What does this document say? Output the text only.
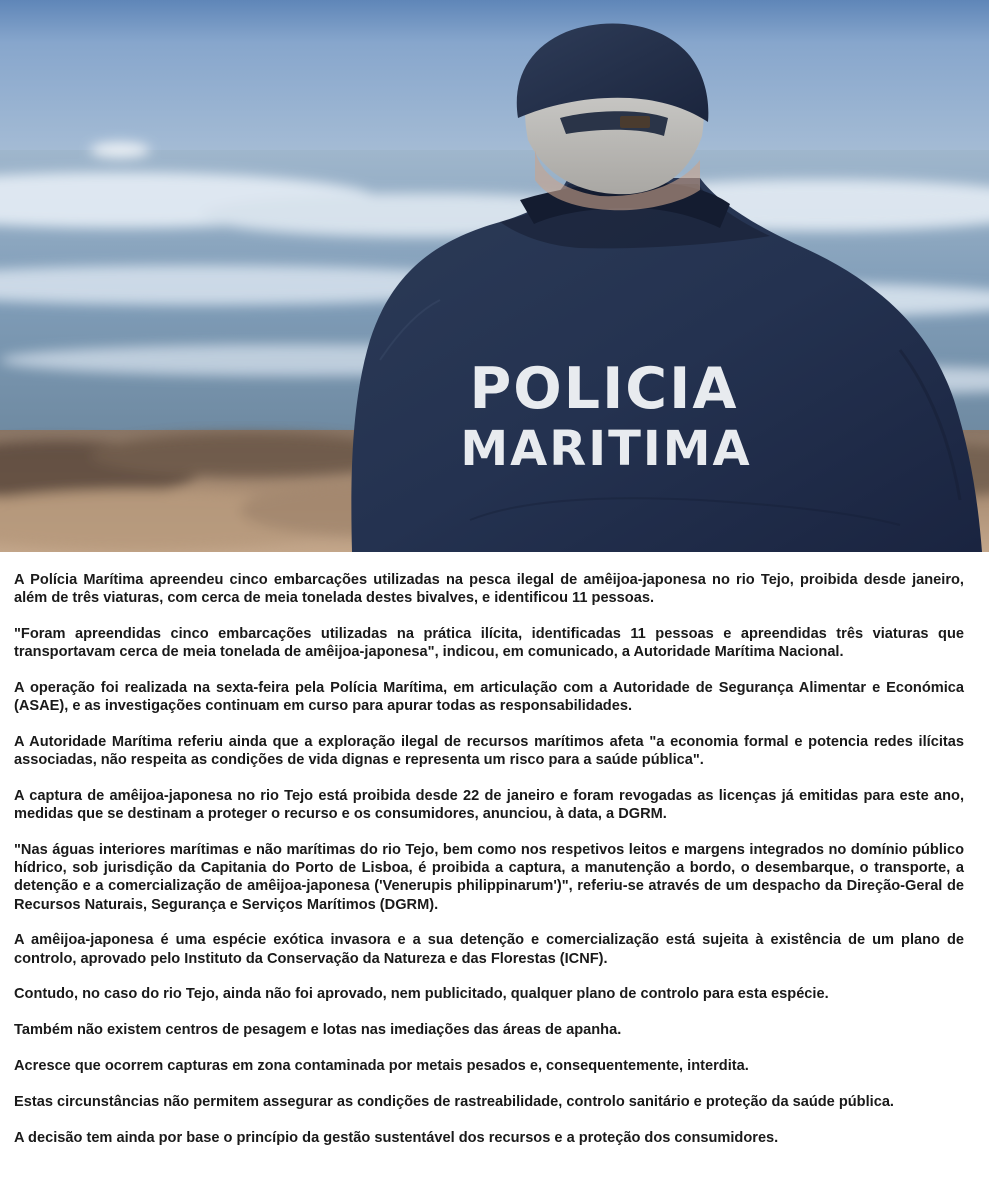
POLICIA
MARITIMA

A Polícia Marítima apreendeu cinco embarcações utilizadas na pesca ilegal de amêijoa-japonesa no rio Tejo, proibida desde janeiro, além de três viaturas, com cerca de meia tonelada destes bivalves, e identificou 11 pessoas.

"Foram apreendidas cinco embarcações utilizadas na prática ilícita, identificadas 11 pessoas e apreendidas três viaturas que transportavam cerca de meia tonelada de amêijoa-japonesa", indicou, em comunicado, a Autoridade Marítima Nacional.

A operação foi realizada na sexta-feira pela Polícia Marítima, em articulação com a Autoridade de Segurança Alimentar e Económica (ASAE), e as investigações continuam em curso para apurar todas as responsabilidades.

A Autoridade Marítima referiu ainda que a exploração ilegal de recursos marítimos afeta "a economia formal e potencia redes ilícitas associadas, não respeita as condições de vida dignas e representa um risco para a saúde pública".

A captura de amêijoa-japonesa no rio Tejo está proibida desde 22 de janeiro e foram revogadas as licenças já emitidas para este ano, medidas que se destinam a proteger o recurso e os consumidores, anunciou, à data, a DGRM.

"Nas águas interiores marítimas e não marítimas do rio Tejo, bem como nos respetivos leitos e margens integrados no domínio público hídrico, sob jurisdição da Capitania do Porto de Lisboa, é proibida a captura, a manutenção a bordo, o desembarque, o transporte, a detenção e a comercialização de amêijoa-japonesa ('Venerupis philippinarum')", referiu-se através de um despacho da Direção-Geral de Recursos Naturais, Segurança e Serviços Marítimos (DGRM).

A amêijoa-japonesa é uma espécie exótica invasora e a sua detenção e comercialização está sujeita à existência de um plano de controlo, aprovado pelo Instituto da Conservação da Natureza e das Florestas (ICNF).

Contudo, no caso do rio Tejo, ainda não foi aprovado, nem publicitado, qualquer plano de controlo para esta espécie.

Também não existem centros de pesagem e lotas nas imediações das áreas de apanha.

Acresce que ocorrem capturas em zona contaminada por metais pesados e, consequentemente, interdita.

Estas circunstâncias não permitem assegurar as condições de rastreabilidade, controlo sanitário e proteção da saúde pública.

A decisão tem ainda por base o princípio da gestão sustentável dos recursos e a proteção dos consumidores.
